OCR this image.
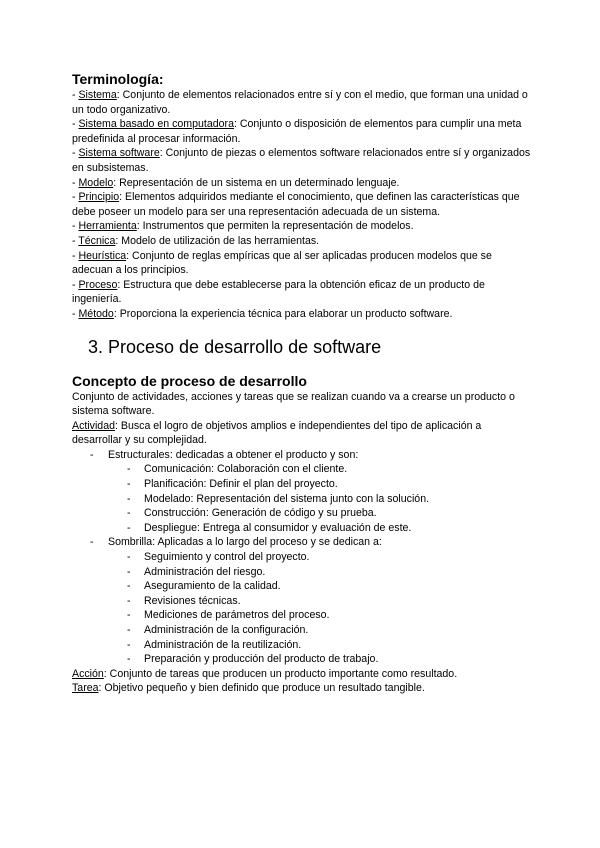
Terminología:

- Sistema: Conjunto de elementos relacionados entre sí y con el medio, que forman una unidad o un todo organizativo.

- Sistema basado en computadora: Conjunto o disposición de elementos para cumplir una meta predefinida al procesar información.

- Sistema software: Conjunto de piezas o elementos software relacionados entre sí y organizados en subsistemas.

- Modelo: Representación de un sistema en un determinado lenguaje.

- Principio: Elementos adquiridos mediante el conocimiento, que definen las características que debe poseer un modelo para ser una representación adecuada de un sistema.

- Herramienta: Instrumentos que permiten la representación de modelos.

- Técnica: Modelo de utilización de las herramientas.

- Heurística: Conjunto de reglas empíricas que al ser aplicadas producen modelos que se adecuan a los principios.

- Proceso: Estructura que debe establecerse para la obtención eficaz de un producto de ingeniería.

- Método: Proporciona la experiencia técnica para elaborar un producto software.

3. Proceso de desarrollo de software
Concepto de proceso de desarrollo

Conjunto de actividades, acciones y tareas que se realizan cuando va a crearse un producto o sistema software.

Actividad: Busca el logro de objetivos amplios e independientes del tipo de aplicación a desarrollar y su complejidad.

- Estructurales: dedicadas a obtener el producto y son:
- Comunicación: Colaboración con el cliente.
- Planificación: Definir el plan del proyecto.
- Modelado: Representación del sistema junto con la solución.
- Construcción: Generación de código y su prueba.
- Despliegue: Entrega al consumidor y evaluación de este.
- Sombrilla: Aplicadas a lo largo del proceso y se dedican a:
- Seguimiento y control del proyecto.
- Administración del riesgo.
- Aseguramiento de la calidad.
- Revisiones técnicas.
- Mediciones de parámetros del proceso.
- Administración de la configuración.
- Administración de la reutilización.
- Preparación y producción del producto de trabajo.

Acción: Conjunto de tareas que producen un producto importante como resultado.

Tarea: Objetivo pequeño y bien definido que produce un resultado tangible.
